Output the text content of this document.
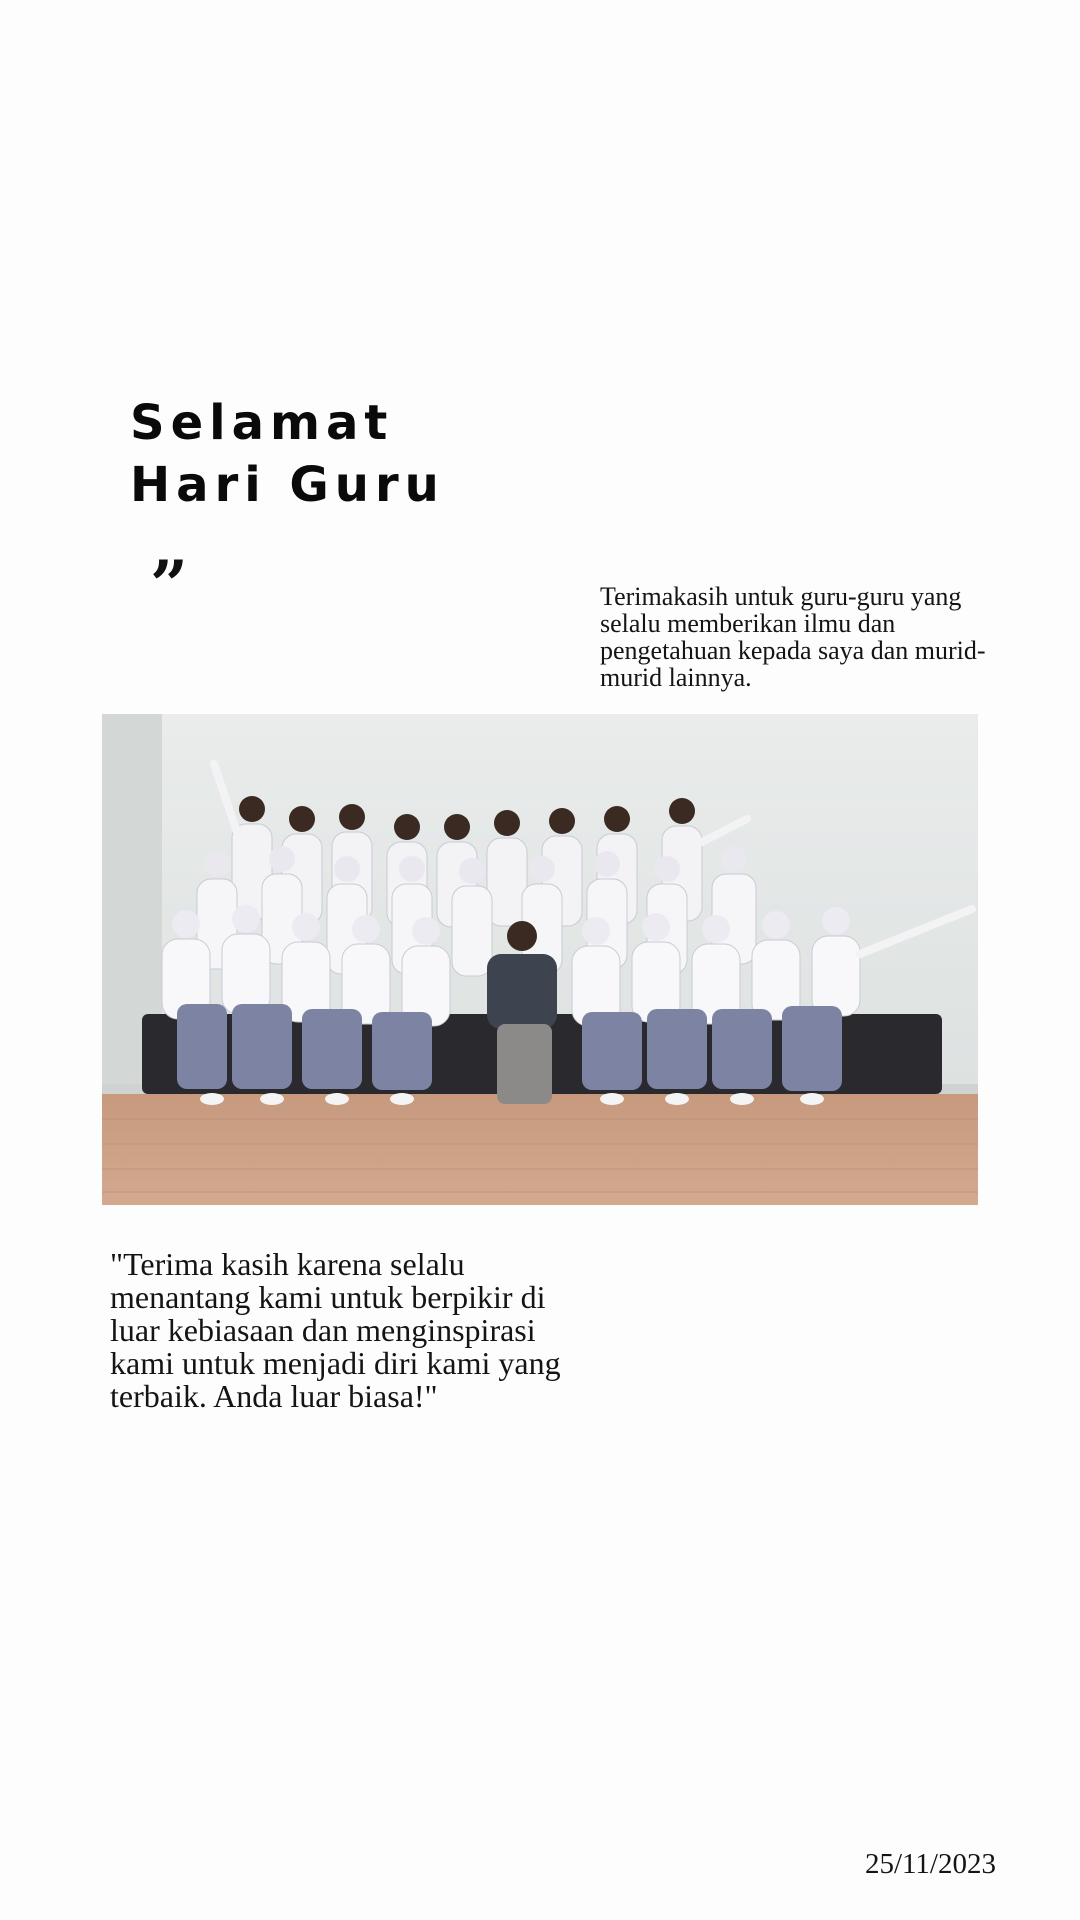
Selamat
Hari Guru
”	Terimakasih untuk guru-guru yang selalu memberikan ilmu dan pengetahuan kepada saya dan murid-murid lainnya.

"Terima kasih karena selalu menantang kami untuk berpikir di luar kebiasaan dan menginspirasi kami untuk menjadi diri kami yang terbaik. Anda luar biasa!"

25/11/2023
